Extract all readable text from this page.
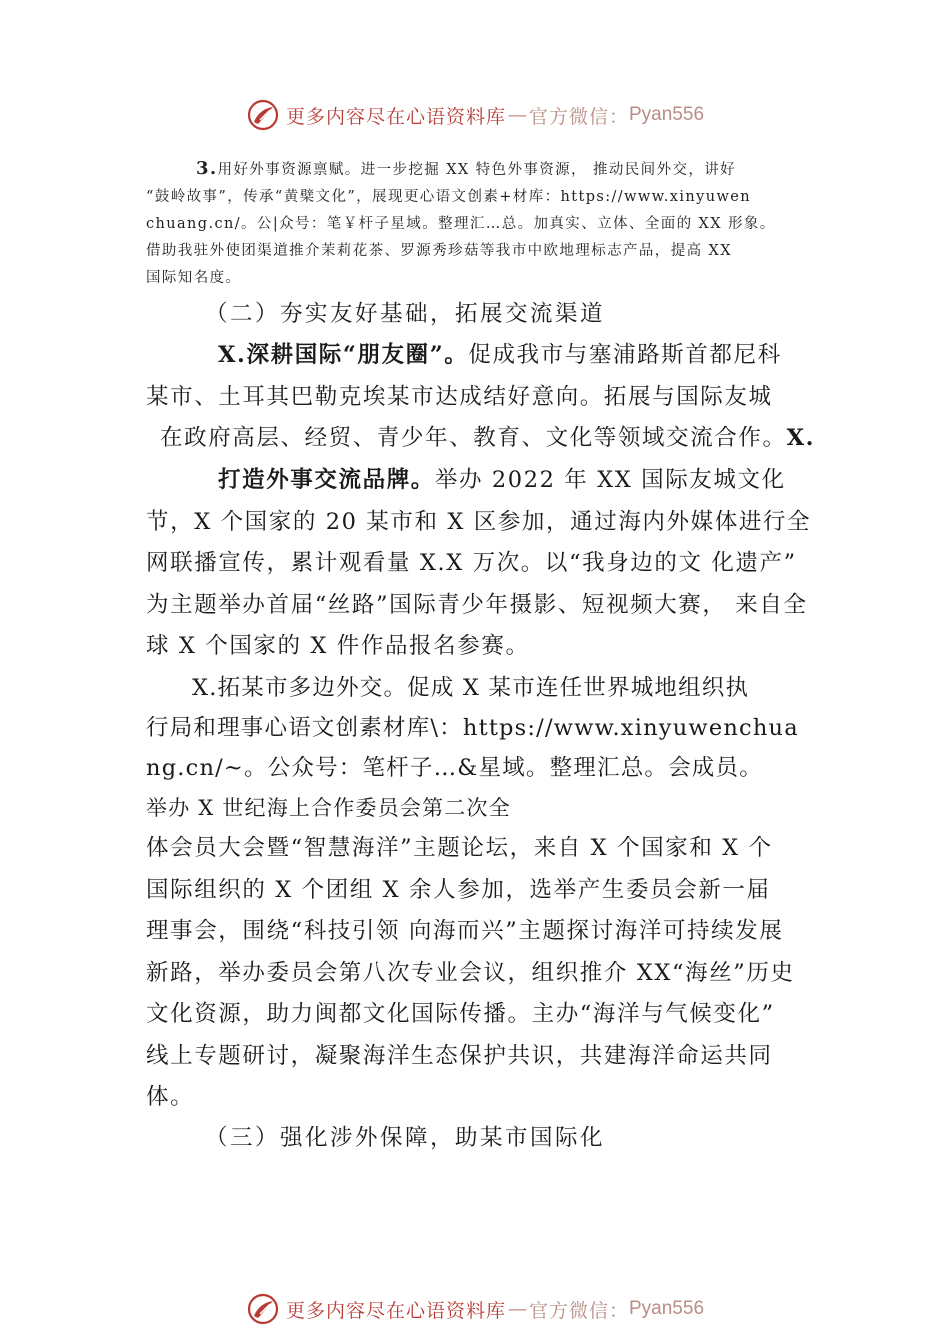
更多内容尽在心语资料库 — 官方微信： Pyan556
3.用好外事资源禀赋。进一步挖掘 XX 特色外事资源， 推动民间外交，讲好
“鼓岭故事”，传承“黄檗文化”，展现更心语文创素+材库：https://www.xinyuwen
chuang.cn/。公|众号：笔￥杆子星域。整理汇…总。加真实、立体、全面的 XX 形象。
借助我驻外使团渠道推介茉莉花茶、罗源秀珍菇等我市中欧地理标志产品，提高 XX
国际知名度。
（二）夯实友好基础，拓展交流渠道
X.深耕国际“朋友圈”。促成我市与塞浦路斯首都尼科
某市、土耳其巴勒克埃某市达成结好意向。拓展与国际友城
在政府高层、经贸、青少年、教育、文化等领域交流合作。X.
打造外事交流品牌。举办 2022 年 XX 国际友城文化
节，X 个国家的 20 某市和 X 区参加，通过海内外媒体进行全
网联播宣传，累计观看量 X.X 万次。以“我身边的文 化遗产”
为主题举办首届“丝路”国际青少年摄影、短视频大赛， 来自全
球 X 个国家的 X 件作品报名参赛。
X.拓某市多边外交。促成 X 某市连任世界城地组织执
行局和理事心语文创素材库\：https://www.xinyuwenchua
ng.cn/~。公众号：笔杆子…&星域。整理汇总。会成员。
举办 X 世纪海上合作委员会第二次全
体会员大会暨“智慧海洋”主题论坛，来自 X 个国家和 X 个
国际组织的 X 个团组 X 余人参加，选举产生委员会新一届
理事会，围绕“科技引领 向海而兴”主题探讨海洋可持续发展
新路，举办委员会第八次专业会议，组织推介 XX“海丝”历史
文化资源，助力闽都文化国际传播。主办“海洋与气候变化”
线上专题研讨，凝聚海洋生态保护共识，共建海洋命运共同
体。
（三）强化涉外保障，助某市国际化
更多内容尽在心语资料库 — 官方微信： Pyan556
